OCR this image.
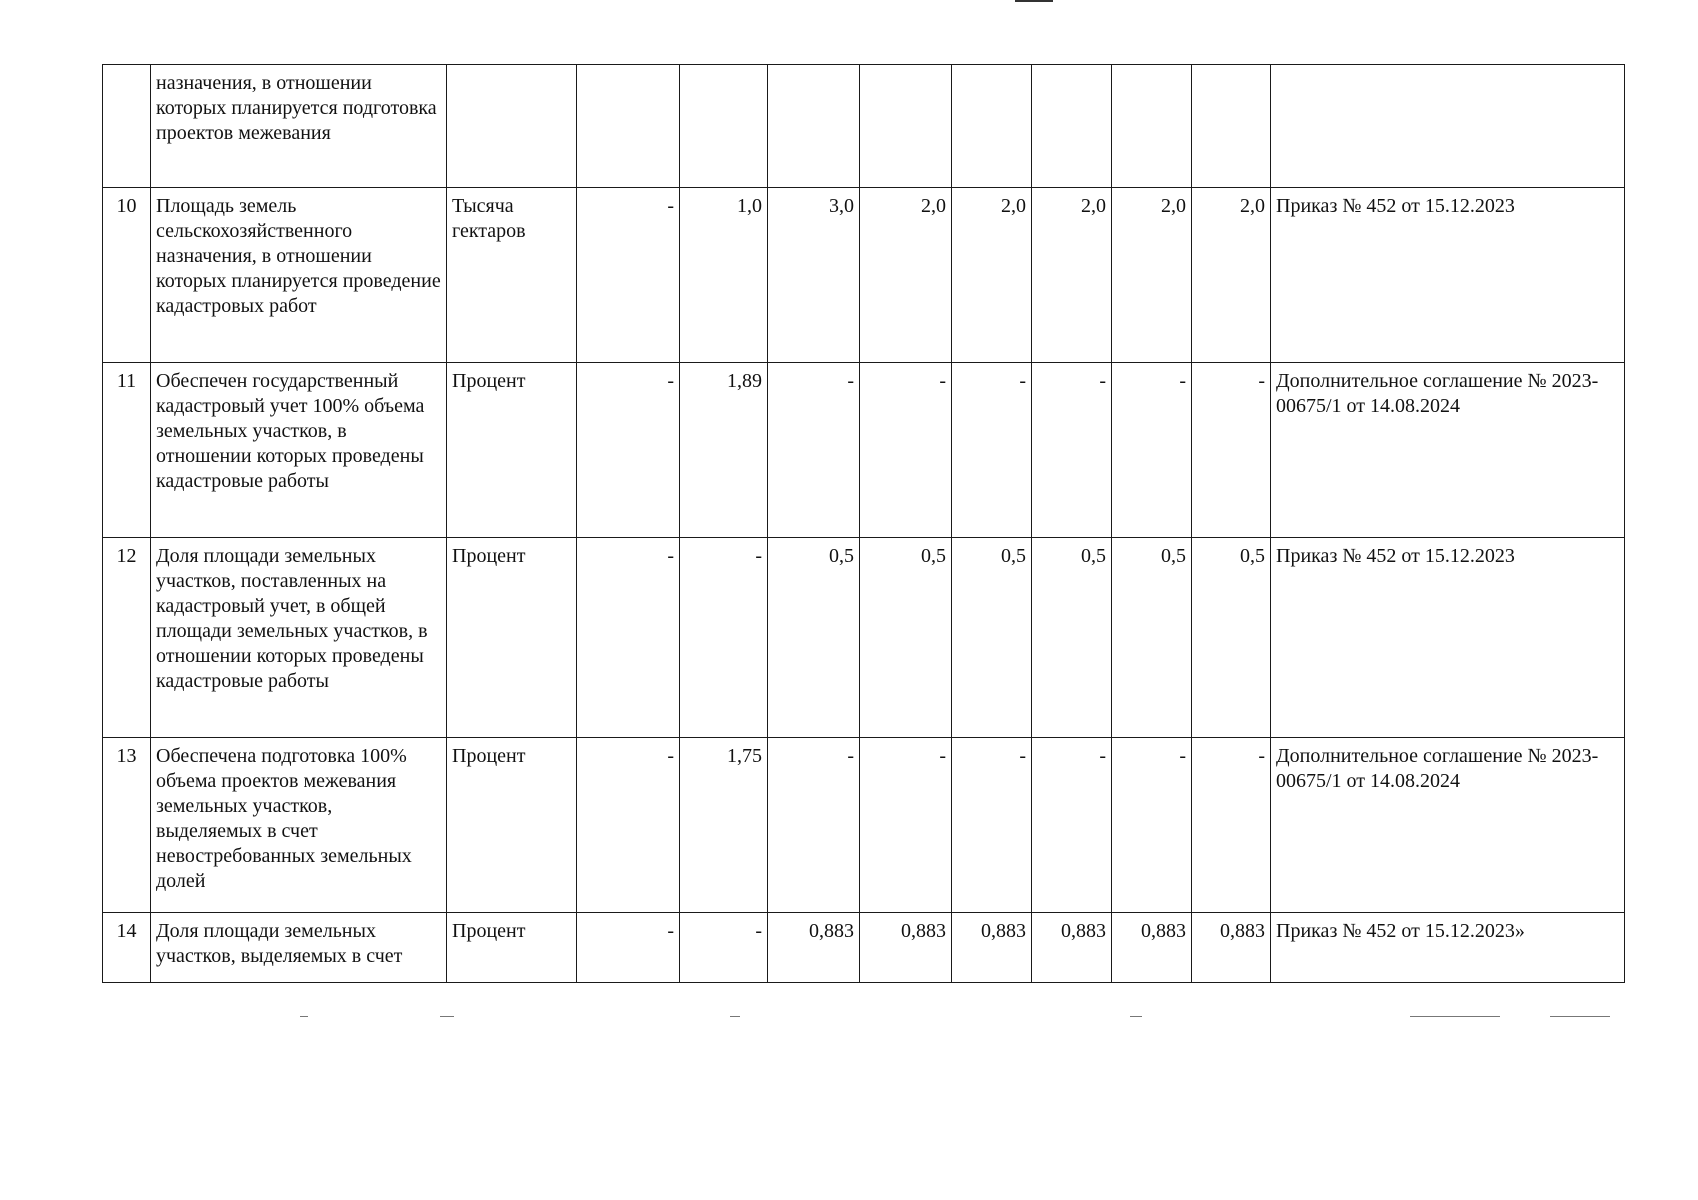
	назначения, в отношении которых планируется подготовка проектов межевания										
10	Площадь земель сельскохозяйственного назначения, в отношении которых планируется проведение кадастровых работ	Тысяча гектаров	-	1,0	3,0	2,0	2,0	2,0	2,0	2,0	Приказ № 452 от 15.12.2023
11	Обеспечен государственный кадастровый учет 100% объема земельных участков, в отношении которых проведены кадастровые работы	Процент	-	1,89	-	-	-	-	-	-	Дополнительное соглашение № 2023-00675/1 от 14.08.2024
12	Доля площади земельных участков, поставленных на кадастровый учет, в общей площади земельных участков, в отношении которых проведены кадастровые работы	Процент	-	-	0,5	0,5	0,5	0,5	0,5	0,5	Приказ № 452 от 15.12.2023
13	Обеспечена подготовка 100% объема проектов межевания земельных участков, выделяемых в счет невостребованных земельных долей	Процент	-	1,75	-	-	-	-	-	-	Дополнительное соглашение № 2023-00675/1 от 14.08.2024
14	Доля площади земельных участков, выделяемых в счет	Процент	-	-	0,883	0,883	0,883	0,883	0,883	0,883	Приказ № 452 от 15.12.2023»
